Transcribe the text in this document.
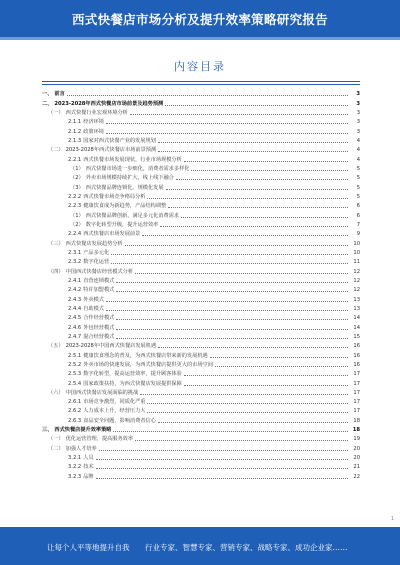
西式快餐店市场分析及提升效率策略研究报告
内容目录
一、 前言	3
二、 2023-2028年西式快餐店市场前景及趋势预测	3
（一） 西式快餐行业宏观环境分析	3
2.1.1 经济环境	3
2.1.2 政策环境	3
2.1.3 国家对西式快餐产业的发展规划	4
（二） 2023-2028年西式快餐店市场前景预测	4
2.2.1 西式快餐市场发展现状，行业市场规模分析	4
（1） 西式快餐市场进一步细化，消费者需求多样化	5
（2） 外卖市场规模持续扩大，线上线下融合	5
（3） 西式快餐品牌连锁化、规模化发展	5
2.2.2 西式快餐市场竞争格局分析	5
2.2.3 健康饮食成为新趋势，产品结构调整	6
（1） 西式快餐品牌创新，满足多元化消费需求	6
（2） 数字化转型升级，提升运营效率	7
2.2.4 西式快餐店市场发展前景	9
（三） 西式快餐店发展趋势分析	10
2.3.1 产品多元化	10
2.3.2 数字化运营	11
（四） 中国西式快餐店经营模式分析	12
2.4.1 直营连锁模式	12
2.4.2 特许加盟模式	12
2.4.3 外卖模式	13
2.4.4 自助模式	13
2.4.5 合作经营模式	14
2.4.6 外包经营模式	14
2.4.7 混合经营模式	15
（五） 2023-2028年中国西式快餐店发展机遇	16
2.5.1 健康饮食理念的普及，为西式快餐店带来新的发展机遇	16
2.5.2 外卖市场的快速发展，为西式快餐店提供更大的市场空间	16
2.5.3 数字化转型，提高运营效率，提升顾客体验	17
2.5.4 国家政策扶持，为西式快餐店发展提供保障	17
（六） 中国西式快餐店发展面临的挑战	17
2.6.1 市场竞争激烈，同质化严重	17
2.6.2 人力成本上升，经营压力大	17
2.6.3 食品安全问题，影响消费者信心	18
三、 西式快餐店提升效率策略	18
（一） 优化运营管理，提高服务效率	19
（二） 加强人才培养	20
3.2.1 人员	20
3.2.2 技术	21
3.2.3 品牌	22
1
让每个人平等地提升自我 行业专家、智慧专家、营销专家、战略专家、成功企业家……
